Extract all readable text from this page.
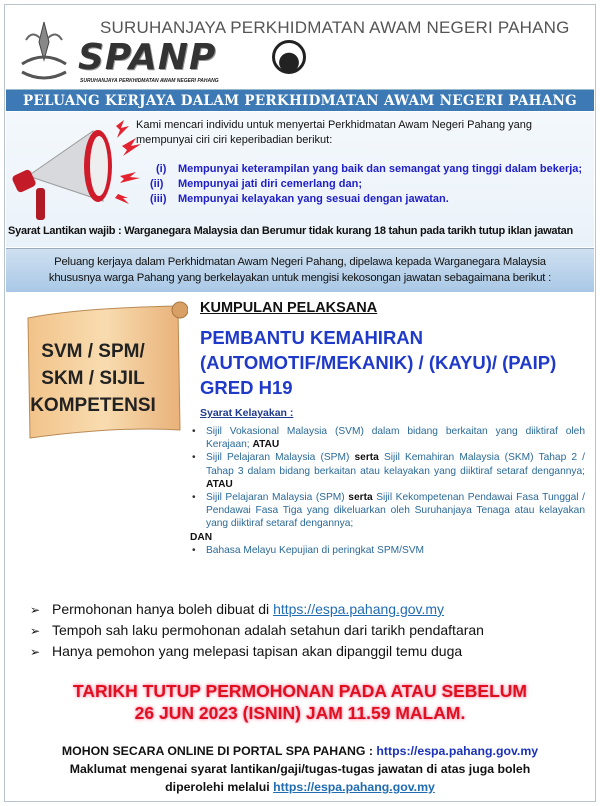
SURUHANJAYA PERKHIDMATAN AWAM NEGERI PAHANG
SPANP
SURUHANJAYA PERKHIDMATAN AWAM NEGERI PAHANG
PELUANG KERJAYA DALAM PERKHIDMATAN AWAM NEGERI PAHANG

Kami mencari individu untuk menyertai Perkhidmatan Awam Negeri Pahang yang

mempunyai ciri ciri keperibadian berikut:

(i) Mempunyai keterampilan yang baik dan semangat yang tinggi dalam bekerja;
(ii) Mempunyai jati diri cemerlang dan;
(iii) Mempunyai kelayakan yang sesuai dengan jawatan.
Syarat Lantikan wajib : Warganegara Malaysia dan Berumur tidak kurang 18 tahun pada tarikh tutup iklan jawatan
Peluang kerjaya dalam Perkhidmatan Awam Negeri Pahang, dipelawa kepada Warganegara Malaysia
khususnya warga Pahang yang berkelayakan untuk mengisi kekosongan jawatan sebagaimana berikut :
SVM / SPM/
SKM / SIJIL
KOMPETENSI
KUMPULAN PELAKSANA
PEMBANTU KEMAHIRAN
(AUTOMOTIF/MEKANIK) / (KAYU)/ (PAIP)
GRED H19
Syarat Kelayakan :
• Sijil Vokasional Malaysia (SVM) dalam bidang berkaitan yang diiktiraf oleh Kerajaan; ATAU
• Sijil Pelajaran Malaysia (SPM) serta Sijil Kemahiran Malaysia (SKM) Tahap 2 / Tahap 3 dalam bidang berkaitan atau kelayakan yang diiktiraf setaraf dengannya; ATAU
• Sijil Pelajaran Malaysia (SPM) serta Sijil Kekompetenan Pendawai Fasa Tunggal / Pendawai Fasa Tiga yang dikeluarkan oleh Suruhanjaya Tenaga atau kelayakan yang diiktiraf setaraf dengannya;
DAN
• Bahasa Melayu Kepujian di peringkat SPM/SVM
➢ Permohonan hanya boleh dibuat di https://espa.pahang.gov.my
➢ Tempoh sah laku permohonan adalah setahun dari tarikh pendaftaran
➢ Hanya pemohon yang melepasi tapisan akan dipanggil temu duga
TARIKH TUTUP PERMOHONAN PADA ATAU SEBELUM
26 JUN 2023 (ISNIN) JAM 11.59 MALAM.
MOHON SECARA ONLINE DI PORTAL SPA PAHANG : https://espa.pahang.gov.my
Maklumat mengenai syarat lantikan/gaji/tugas-tugas jawatan di atas juga boleh
diperolehi melalui https://espa.pahang.gov.my
